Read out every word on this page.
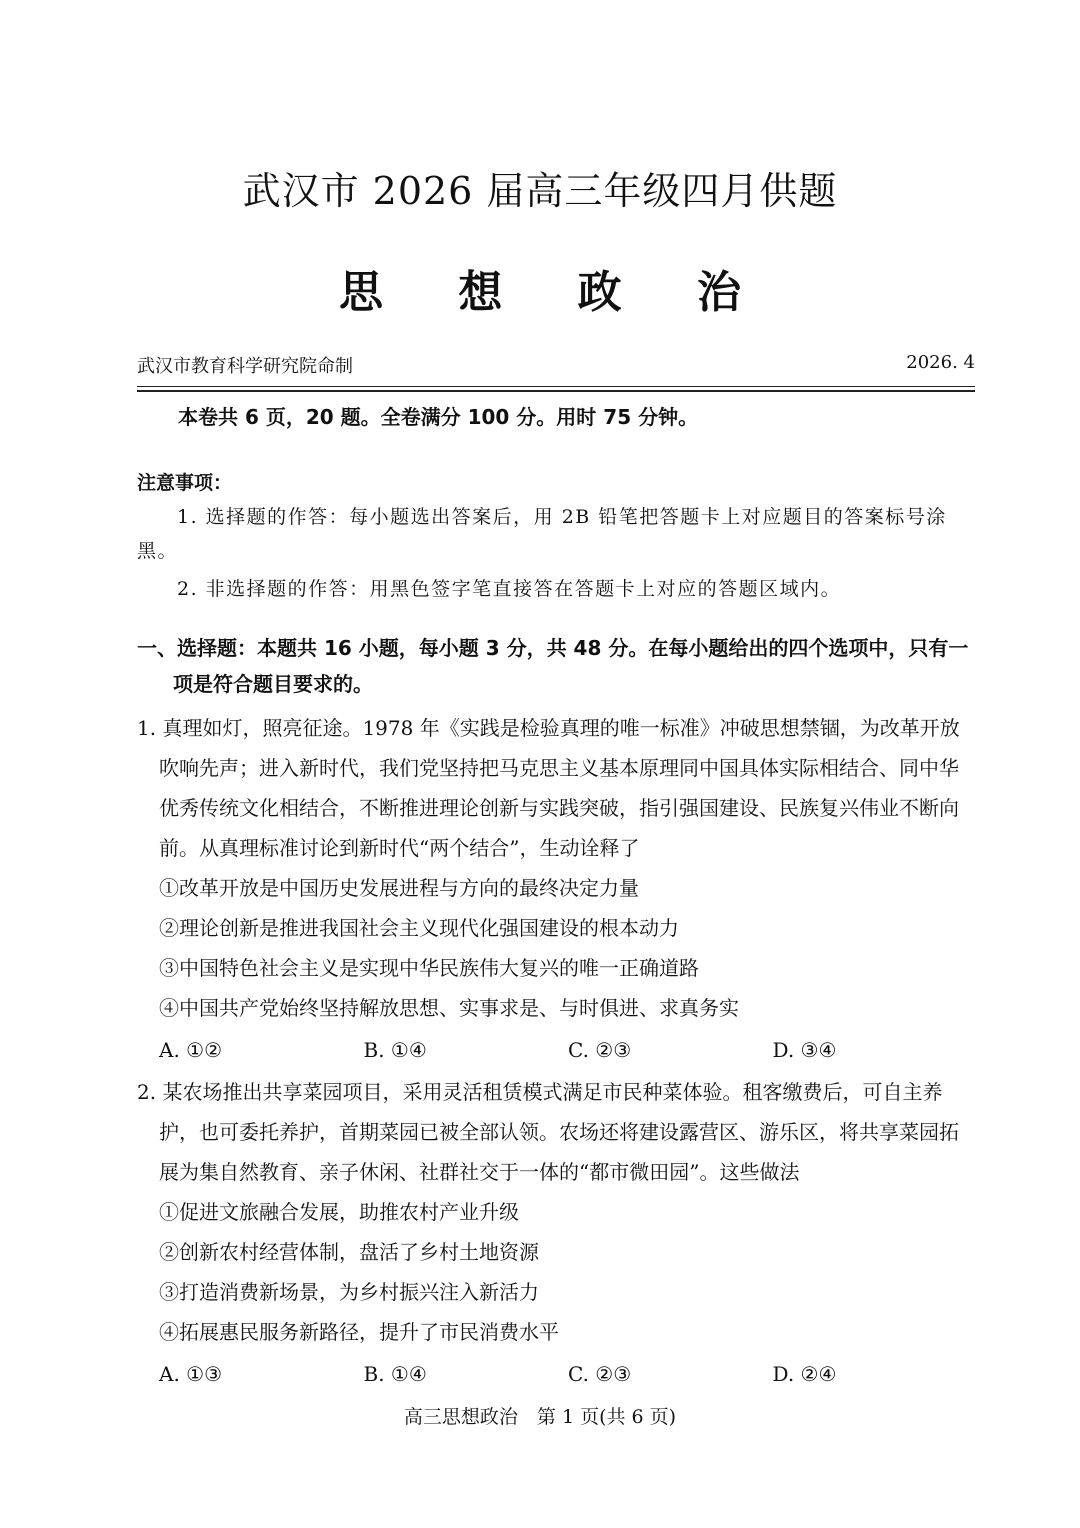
武汉市 2026 届高三年级四月供题
思 想 政 治
武汉市教育科学研究院命制	2026. 4
本卷共 6 页，20 题。全卷满分 100 分。用时 75 分钟。
注意事项：

1. 选择题的作答：每小题选出答案后，用 2B 铅笔把答题卡上对应题目的答案标号涂黑。

2. 非选择题的作答：用黑色签字笔直接答在答题卡上对应的答题区域内。

一、选择题：本题共 16 小题，每小题 3 分，共 48 分。在每小题给出的四个选项中，只有一项是符合题目要求的。

1. 真理如灯，照亮征途。1978 年《实践是检验真理的唯一标准》冲破思想禁锢，为改革开放吹响先声；进入新时代，我们党坚持把马克思主义基本原理同中国具体实际相结合、同中华优秀传统文化相结合，不断推进理论创新与实践突破，指引强国建设、民族复兴伟业不断向前。从真理标准讨论到新时代“两个结合”，生动诠释了

①改革开放是中国历史发展进程与方向的最终决定力量
②理论创新是推进我国社会主义现代化强国建设的根本动力
③中国特色社会主义是实现中华民族伟大复兴的唯一正确道路
④中国共产党始终坚持解放思想、实事求是、与时俱进、求真务实
A. ①②	B. ①④	C. ②③	D. ③④

2. 某农场推出共享菜园项目，采用灵活租赁模式满足市民种菜体验。租客缴费后，可自主养护，也可委托养护，首期菜园已被全部认领。农场还将建设露营区、游乐区，将共享菜园拓展为集自然教育、亲子休闲、社群社交于一体的“都市微田园”。这些做法

①促进文旅融合发展，助推农村产业升级
②创新农村经营体制，盘活了乡村土地资源
③打造消费新场景，为乡村振兴注入新活力
④拓展惠民服务新路径，提升了市民消费水平
A. ①③	B. ①④	C. ②③	D. ②④
高三思想政治　第 1 页(共 6 页)
